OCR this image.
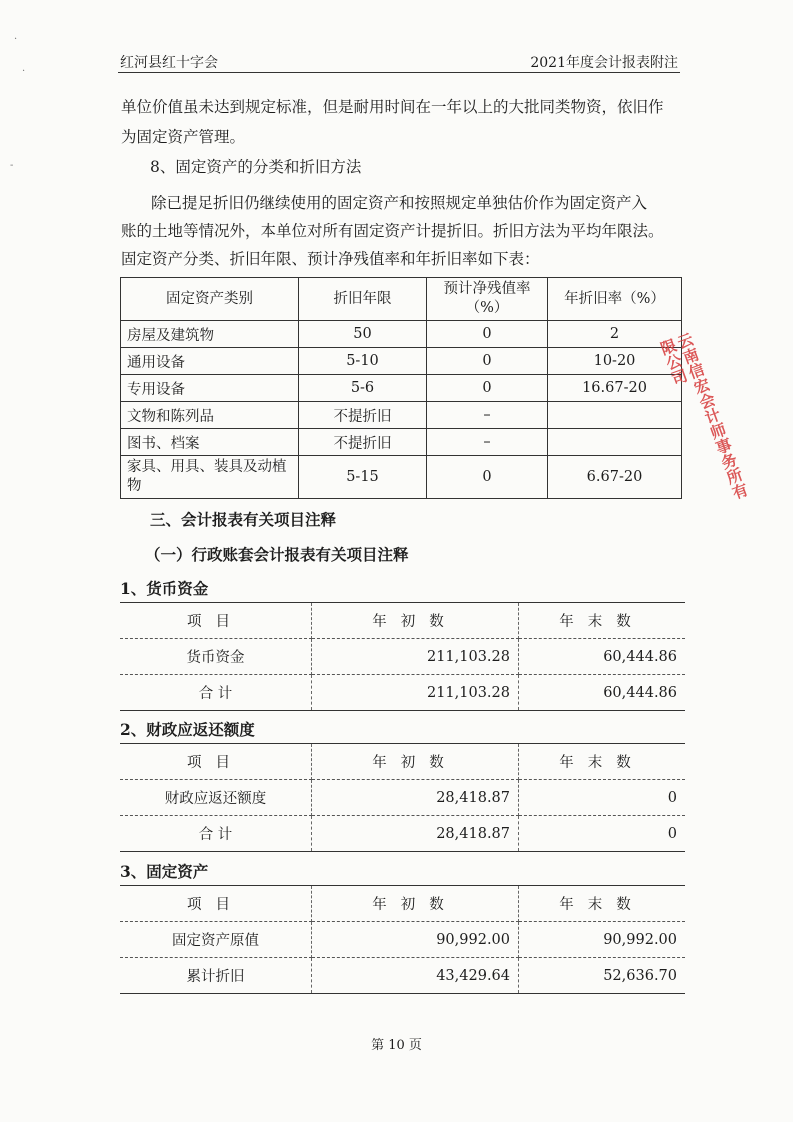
红河县红十字会	2021年度会计报表附注
·
·
-
单位价值虽未达到规定标准，但是耐用时间在一年以上的大批同类物资，依旧作
为固定资产管理。
8、固定资产的分类和折旧方法
除已提足折旧仍继续使用的固定资产和按照规定单独估价作为固定资产入
账的土地等情况外，本单位对所有固定资产计提折旧。折旧方法为平均年限法。
固定资产分类、折旧年限、预计净残值率和年折旧率如下表：
固定资产类别	折旧年限	预计净残值率（%）	年折旧率（%）
房屋及建筑物	50	0	2
通用设备	5-10	0	10-20
专用设备	5-6	0	16.67-20
文物和陈列品	不提折旧	–	
图书、档案	不提折旧	–	
家具、用具、装具及动植物	5-15	0	6.67-20	云南信宏会计师事务所有限公司
三、会计报表有关项目注释
（一）行政账套会计报表有关项目注释
1、货币资金
项目	年初数	年末数
货币资金	211,103.28	60,444.86
合 计	211,103.28	60,444.86
2、财政应返还额度
项目	年初数	年末数
财政应返还额度	28,418.87	0
合 计	28,418.87	0
3、固定资产
项目	年初数	年末数
固定资产原值	90,992.00	90,992.00
累计折旧	43,429.64	52,636.70
第 10 页
